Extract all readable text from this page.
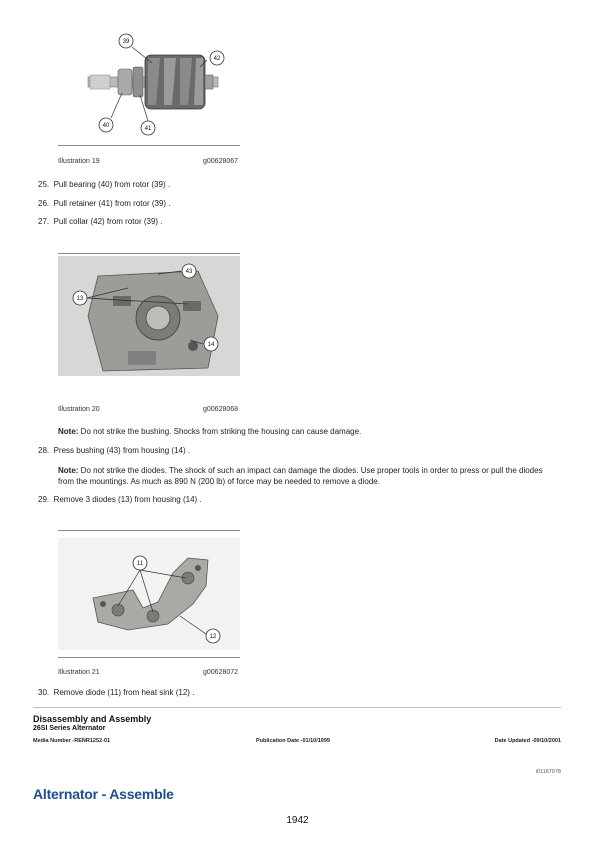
39
42
40	41
Illustration 19	g00628067
25. Pull bearing (40) from rotor (39) .
26. Pull retainer (41) from rotor (39) .
27. Pull collar (42) from rotor (39) .
43
13
14
Illustration 20	g00628068
Note: Do not strike the bushing. Shocks from striking the housing can cause damage.
28. Press bushing (43) from housing (14) .
Note: Do not strike the diodes. The shock of such an impact can damage the diodes. Use proper tools in order to press or pull the diodes from the mountings. As much as 890 N (200 lb) of force may be needed to remove a diode.
29. Remove 3 diodes (13) from housing (14) .
11
12
Illustration 21	g00628072
30. Remove diode (11) from heat sink (12) .
Disassembly and Assembly
26SI Series Alternator
Media Number -RENR1252-01	Publication Date -01/10/1999	Date Updated -09/10/2001
i01167078
Alternator - Assemble
1942
